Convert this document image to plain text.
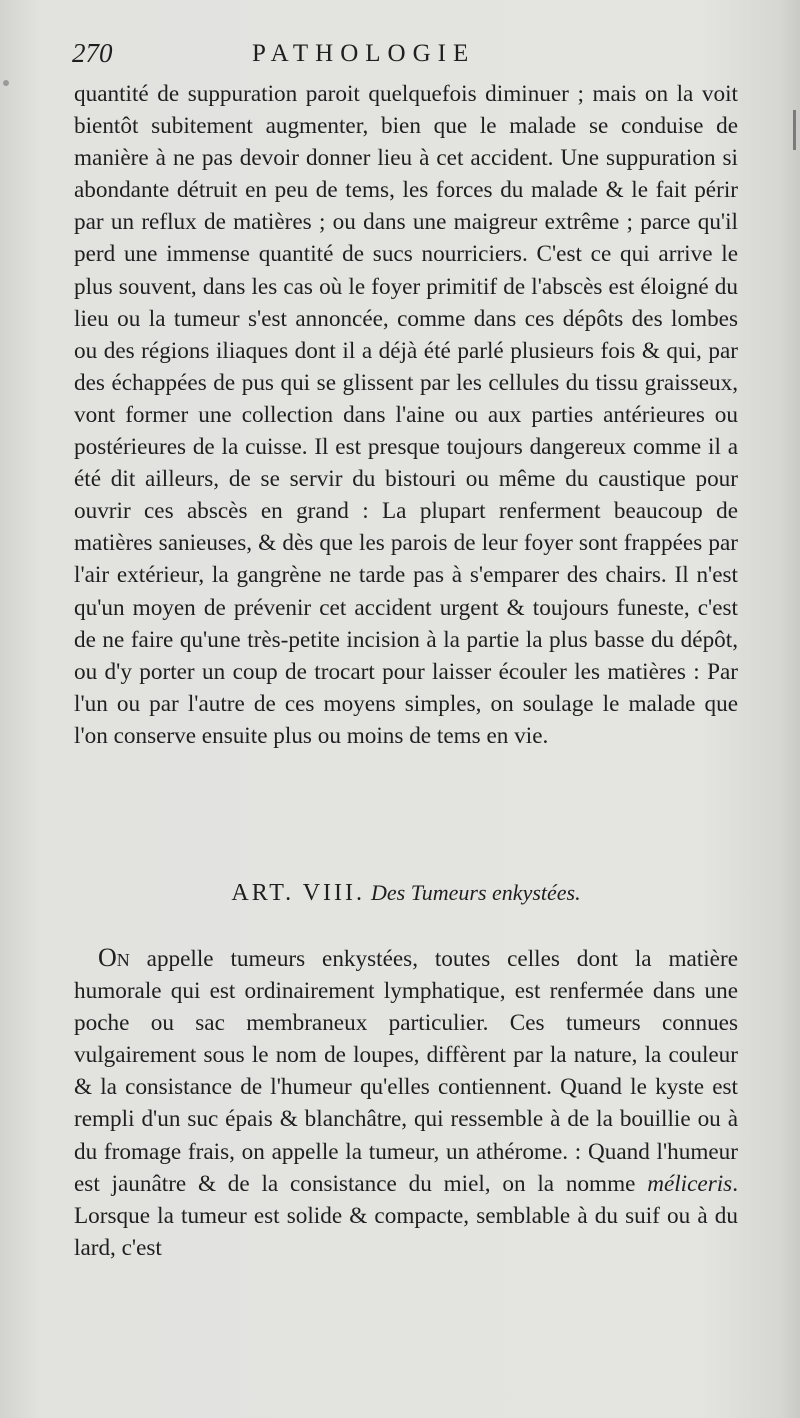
270	PATHOLOGIE

quantité de suppuration paroit quelquefois diminuer ; mais on la voit bientôt subitement augmenter, bien que le malade se conduise de manière à ne pas devoir donner lieu à cet accident. Une suppuration si abondante détruit en peu de tems, les forces du malade & le fait périr par un reflux de matières ; ou dans une maigreur extrême ; parce qu'il perd une immense quantité de sucs nourriciers. C'est ce qui arrive le plus souvent, dans les cas où le foyer primitif de l'abscès est éloigné du lieu ou la tumeur s'est annoncée, comme dans ces dépôts des lombes ou des régions iliaques dont il a déjà été parlé plusieurs fois & qui, par des échappées de pus qui se glissent par les cellules du tissu graisseux, vont former une collection dans l'aine ou aux parties antérieures ou postérieures de la cuisse. Il est presque toujours dangereux comme il a été dit ailleurs, de se servir du bistouri ou même du caustique pour ouvrir ces abscès en grand : La plupart renferment beaucoup de matières sanieuses, & dès que les parois de leur foyer sont frappées par l'air extérieur, la gangrène ne tarde pas à s'emparer des chairs. Il n'est qu'un moyen de prévenir cet accident urgent & toujours funeste, c'est de ne faire qu'une très-petite incision à la partie la plus basse du dépôt, ou d'y porter un coup de trocart pour laisser écouler les matières : Par l'un ou par l'autre de ces moyens simples, on soulage le malade que l'on conserve ensuite plus ou moins de tems en vie.

ART. VIII. Des Tumeurs enkystées.

On appelle tumeurs enkystées, toutes celles dont la matière humorale qui est ordinairement lymphatique, est renfermée dans une poche ou sac membraneux particulier. Ces tumeurs connues vulgairement sous le nom de loupes, diffèrent par la nature, la couleur & la consistance de l'humeur qu'elles contiennent. Quand le kyste est rempli d'un suc épais & blanchâtre, qui ressemble à de la bouillie ou à du fromage frais, on appelle la tumeur, un athérome. : Quand l'humeur est jaunâtre & de la consistance du miel, on la nomme méliceris. Lorsque la tumeur est solide & compacte, semblable à du suif ou à du lard, c'est
